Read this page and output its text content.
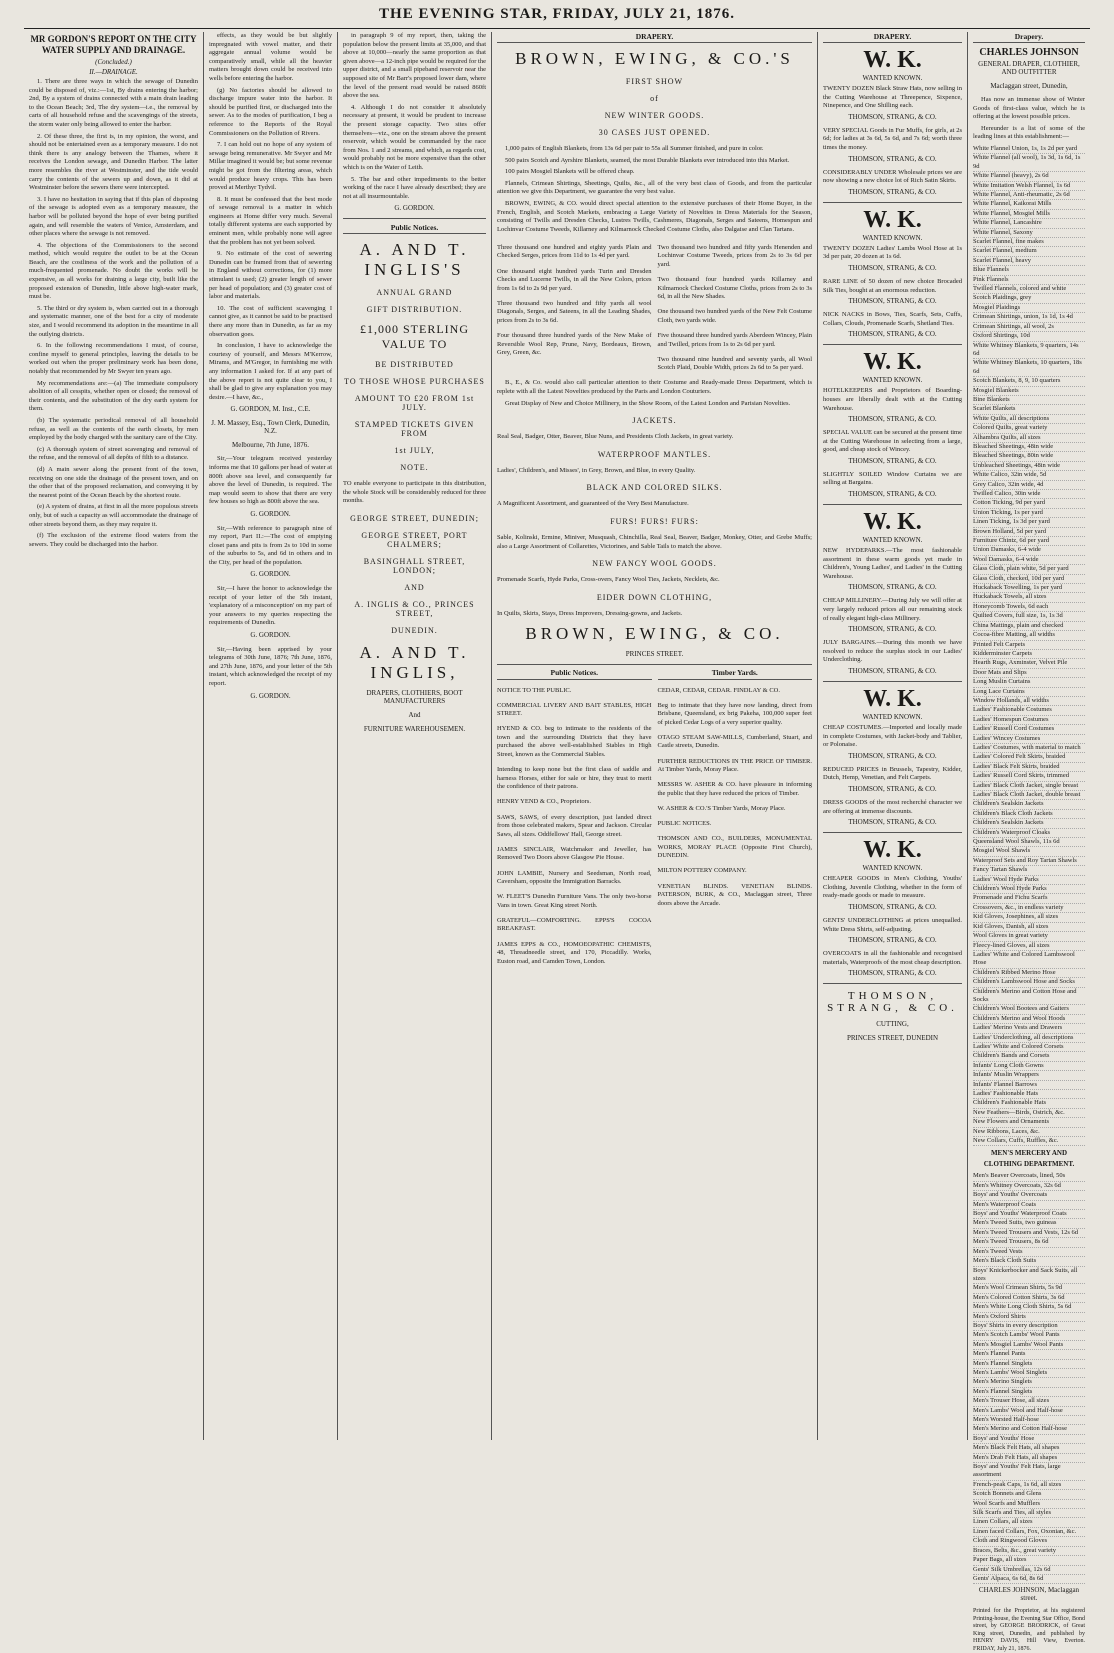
THE EVENING STAR, FRIDAY, JULY 21, 1876.
MR GORDON'S REPORT ON THE CITY WATER SUPPLY AND DRAINAGE.
(Concluded.)
II.—DRAINAGE.

1. There are three ways in which the sewage of Dunedin could be disposed of, viz.:—1st, By drains entering the harbor; 2nd, By a system of drains connected with a main drain leading to the Ocean Beach; 3rd, The dry system—i.e., the removal by carts of all household refuse and the scavengings of the streets, the storm water only being allowed to enter the harbor.

2. Of these three, the first is, in my opinion, the worst, and should not be entertained even as a temporary measure. I do not think there is any analogy between the Thames, where it receives the London sewage, and Dunedin Harbor. The latter more resembles the river at Westminster, and the tide would carry the contents of the sewers up and down, as it did at Westminster before the sewers there were intercepted.

3. I have no hesitation in saying that if this plan of disposing of the sewage is adopted even as a temporary measure, the harbor will be polluted beyond the hope of ever being purified again, and will resemble the waters of Venice, Amsterdam, and other places where the sewage is not removed.

4. The objections of the Commissioners to the second method, which would require the outlet to be at the Ocean Beach, are the costliness of the work and the pollution of a much-frequented promenade. No doubt the works will be expensive, as all works for draining a large city, built like the proposed extension of Dunedin, little above high-water mark, must be.

5. The third or dry system is, when carried out in a thorough and systematic manner, one of the best for a city of moderate size, and I would recommend its adoption in the meantime in all the outlying districts.

6. In the following recommendations I must, of course, confine myself to general principles, leaving the details to be worked out when the proper preliminary work has been done, notably that recommended by Mr Swyer ten years ago.

My recommendations are:—(a) The immediate compulsory abolition of all cesspits, whether open or closed; the removal of their contents, and the substitution of the dry earth system for them.

(b) The systematic periodical removal of all household refuse, as well as the contents of the earth closets, by men employed by the body charged with the sanitary care of the City.

(c) A thorough system of street scavenging and removal of the refuse, and the removal of all depôts of filth to a distance.

(d) A main sewer along the present front of the town, receiving on one side the drainage of the present town, and on the other that of the proposed reclamation, and conveying it by the nearest point of the Ocean Beach by the shortest route.

(e) A system of drains, at first in all the more populous streets only, but of such a capacity as will accommodate the drainage of other streets beyond them, as they may require it.

(f) The exclusion of the extreme flood waters from the sewers. They could be discharged into the harbor.

effects, as they would be but slightly impregnated with vowel matter, and their aggregate annual volume would be comparatively small, while all the heavier matters brought down could be received into wells before entering the harbor.

(g) No factories should be allowed to discharge impure water into the harbor. It should be purified first, or discharged into the sewer. As to the modes of purification, I beg a reference to the Reports of the Royal Commissioners on the Pollution of Rivers.

7. I can hold out no hope of any system of sewage being remunerative. Mr Swyer and Mr Millar imagined it would be; but some revenue might be got from the filtering areas, which would produce heavy crops. This has been proved at Merthyr Tydvil.

8. It must be confessed that the best mode of sewage removal is a matter in which engineers at Home differ very much. Several totally different systems are each supported by eminent men, while probably none will agree that the problem has not yet been solved.

9. No estimate of the cost of sewering Dunedin can be framed from that of sewering in England without corrections, for (1) more stimulant is used; (2) greater length of sewer per head of population; and (3) greater cost of labor and materials.

10. The cost of sufficient scavenging I cannot give, as it cannot be said to be practised there any more than in Dunedin, as far as my observation goes.

In conclusion, I have to acknowledge the courtesy of yourself, and Messrs M'Kerrow, Mirams, and M'Gregor, in furnishing me with any information I asked for. If at any part of the above report is not quite clear to you, I shall be glad to give any explanation you may desire.—I have, &c.,

G. GORDON, M. Inst., C.E.
J. M. Massey, Esq., Town Clerk, Dunedin, N.Z.
Melbourne, 7th June, 1876.

Sir,—Your telegram received yesterday informs me that 10 gallons per head of water at 800ft above sea level, and consequently far above the level of Dunedin, is required. The map would seem to show that there are very few houses so high as 800ft above the sea.

G. GORDON.

Sir,—With reference to paragraph nine of my report, Part II.:—The cost of emptying closet pans and pits is from 2s to 10d in some of the suburbs to 5s, and 6d in others and in the City, per head of the population.

G. GORDON.

Sir,—I have the honor to acknowledge the receipt of your letter of the 5th instant, 'explanatory of a misconception' on my part of your answers to my queries respecting the requirements of Dunedin.

G. GORDON.

Sir,—Having been apprised by your telegrams of 30th June, 1876; 7th June, 1876, and 27th June, 1876, and your letter of the 5th instant, which acknowledged the receipt of my report.

G. GORDON.

in paragraph 9 of my report, then, taking the population below the present limits at 35,000, and that above at 10,000—nearly the same proportion as that given above—a 12-inch pipe would be required for the upper district, and a small pipeband reservoir near the supposed site of Mr Barr's proposed lower dam, where the level of the present road would be raised 860ft above the sea.

4. Although I do not consider it absolutely necessary at present, it would be prudent to increase the present storage capacity. Two sites offer themselves—viz., one on the stream above the present reservoir, which would be commanded by the race from Nos. 1 and 2 streams, and which, as regards cost, would probably not be more expensive than the other which is on the Water of Leith.

5. The bar and other impediments to the better working of the race I have already described; they are not at all insurmountable.

G. GORDON.
Public Notices.
A. AND T. INGLIS'S
ANNUAL GRAND
GIFT DISTRIBUTION.
£1,000 STERLING VALUE TO
BE DISTRIBUTED
TO THOSE WHOSE PURCHASES
AMOUNT TO £20 FROM 1st JULY.
STAMPED TICKETS GIVEN FROM
1st JULY,
NOTE.
TO enable everyone to participate in this distribution, the whole Stock will be considerably reduced for three months.
GEORGE STREET, DUNEDIN;
GEORGE STREET, PORT CHALMERS;
BASINGHALL STREET, LONDON;
AND
A. INGLIS & CO., PRINCES STREET,
DUNEDIN.
A. AND T. INGLIS,
DRAPERS, CLOTHIERS, BOOT MANUFACTURERS
And
FURNITURE WAREHOUSEMEN.
DRAPERY.
BROWN, EWING, & CO.'S
FIRST SHOW
of
NEW WINTER GOODS.
30 CASES JUST OPENED.

1,000 pairs of English Blankets, from 13s 6d per pair to 55s all Summer finished, and pure in color.

500 pairs Scotch and Ayrshire Blankets, seamed, the most Durable Blankets ever introduced into this Market.

100 pairs Mosgiel Blankets will be offered cheap.

Flannels, Crimean Shirtings, Sheetings, Quilts, &c., all of the very best class of Goods, and from the particular attention we give this Department, we guarantee the very best value.

BROWN, EWING, & CO. would direct special attention to the extensive purchases of their Home Buyer, in the French, English, and Scotch Markets, embracing a Large Variety of Novelties in Dress Materials for the Season, consisting of Twills and Dresden Checks, Lustres Twills, Cashmeres, Diagonals, Serges and Sateens, Homespun and Lochinvar Costume Tweeds, Killarney and Kilmarnock Checked Costume Cloths, also Dalgaise and Clan Tartans.

Three thousand one hundred and eighty yards Plain and Checked Serges, prices from 11d to 1s 4d per yard.

One thousand eight hundred yards Turin and Dresden Checks and Lucerne Twills, in all the New Colors, prices from 1s 6d to 2s 9d per yard.

Three thousand two hundred and fifty yards all wool Diagonals, Serges, and Sateens, in all the Leading Shades, prices from 2s to 3s 6d.

Four thousand three hundred yards of the New Make of Reversible Wool Rep, Prune, Navy, Bordeaux, Brown, Grey, Green, &c.

Two thousand two hundred and fifty yards Henenden and Lochinvar Costume Tweeds, prices from 2s to 3s 6d per yard.

Two thousand four hundred yards Killarney and Kilmarnock Checked Costume Cloths, prices from 2s to 3s 6d, in all the New Shades.

One thousand two hundred yards of the New Felt Costume Cloth, two yards wide.

Five thousand three hundred yards Aberdeen Wincey, Plain and Twilled, prices from 1s to 2s 6d per yard.

Two thousand nine hundred and seventy yards, all Wool Scotch Plaid, Double Width, prices 2s 6d to 5s per yard.

B., E., & Co. would also call particular attention to their Costume and Ready-made Dress Department, which is replete with all the Latest Novelties produced by the Paris and London Couturiers.

Great Display of New and Choice Millinery, in the Show Room, of the Latest London and Parisian Novelties.

JACKETS.
Real Seal, Badger, Otter, Beaver, Blue Nuns, and Presidents Cloth Jackets, in great variety.
WATERPROOF MANTLES.
Ladies', Children's, and Misses', in Grey, Brown, and Blue, in every Quality.
BLACK AND COLORED SILKS.
A Magnificent Assortment, and guaranteed of the Very Best Manufacture.
FURS! FURS! FURS:
Sable, Kolinski, Ermine, Miniver, Musquash, Chinchilla, Real Seal, Beaver, Badger, Monkey, Otter, and Grebe Muffs; also a Large Assortment of Collarettes, Victorines, and Sable Tails to match the above.
NEW FANCY WOOL GOODS.
Promenade Scarfs, Hyde Parks, Cross-overs, Fancy Wool Ties, Jackets, Necklets, &c.
EIDER DOWN CLOTHING,
In Quilts, Skirts, Stays, Dress Improvers, Dressing-gowns, and Jackets.
BROWN, EWING, & CO.
PRINCES STREET.
Public Notices.

NOTICE TO THE PUBLIC.

COMMERCIAL LIVERY AND BAIT STABLES, HIGH STREET.

HYEND & CO. beg to intimate to the residents of the town and the surrounding Districts that they have purchased the above well-established Stables in High Street, known as the Commercial Stables.

Intending to keep none but the first class of saddle and harness Horses, either for sale or hire, they trust to merit the confidence of their patrons.

HENRY YEND & CO., Proprietors.

SAWS, SAWS, of every description, just landed direct from those celebrated makers, Spear and Jackson. Circular Saws, all sizes. Oddfellows' Hall, George street.

JAMES SINCLAIR, Watchmaker and Jeweller, has Removed Two Doors above Glasgow Pie House.

JOHN LAMBIE, Nursery and Seedsman, North road, Caversham, opposite the Immigration Barracks.

W. FLEET'S Dunedin Furniture Vans. The only two-horse Vans in town. Great King street North.

GRATEFUL—COMFORTING. EPPS'S COCOA BREAKFAST.

JAMES EPPS & CO., HOMOEOPATHIC CHEMISTS, 48, Threadneedle street, and 170, Piccadilly. Works, Euston road, and Camden Town, London.

Timber Yards.

CEDAR, CEDAR, CEDAR. FINDLAY & CO.

Beg to intimate that they have now landing, direct from Brisbane, Queensland, ex brig Pakeha, 100,000 super feet of picked Cedar Logs of a very superior quality.

OTAGO STEAM SAW-MILLS, Cumberland, Stuart, and Castle streets, Dunedin.

FURTHER REDUCTIONS IN THE PRICE OF TIMBER. At Timber Yards, Moray Place.

MESSRS W. ASHER & CO. have pleasure in informing the public that they have reduced the prices of Timber.

W. ASHER & CO.'S Timber Yards, Moray Place.

PUBLIC NOTICES.

THOMSON AND CO., BUILDERS, MONUMENTAL WORKS, MORAY PLACE (Opposite First Church), DUNEDIN.

MILTON POTTERY COMPANY.

VENETIAN BLINDS. VENETIAN BLINDS. PATERSON, BURK, & CO., Maclaggan street, Three doors above the Arcade.

DRAPERY.
W. K.
WANTED KNOWN.
TWENTY DOZEN Black Straw Hats, now selling in the Cutting Warehouse at Threepence, Sixpence, Ninepence, and One Shilling each.
THOMSON, STRANG, & CO.
VERY SPECIAL Goods in Fur Muffs, for girls, at 2s 6d; for ladies at 3s 6d, 5s 6d, and 7s 6d; worth three times the money.
THOMSON, STRANG, & CO.
CONSIDERABLY UNDER Wholesale prices we are now showing a new choice lot of Rich Satin Skirts.
THOMSON, STRANG, & CO.
W. K.
WANTED KNOWN.
TWENTY DOZEN Ladies' Lambs Wool Hose at 1s 3d per pair, 20 dozen at 1s 6d.
THOMSON, STRANG, & CO.
RARE LINE of 50 dozen of new choice Brocaded Silk Ties, bought at an enormous reduction.
THOMSON, STRANG, & CO.
NICK NACKS in Bows, Ties, Scarfs, Sets, Cuffs, Collars, Clouds, Promenade Scarfs, Shetland Ties.
THOMSON, STRANG, & CO.
W. K.
WANTED KNOWN.
HOTELKEEPERS and Proprietors of Boarding-houses are liberally dealt with at the Cutting Warehouse.
THOMSON, STRANG, & CO.
SPECIAL VALUE can be secured at the present time at the Cutting Warehouse in selecting from a large, good, and cheap stock of Wincey.
THOMSON, STRANG, & CO.
SLIGHTLY SOILED Window Curtains we are selling at Bargains.
THOMSON, STRANG, & CO.
W. K.
WANTED KNOWN.
NEW HYDEPARKS.—The most fashionable assortment in these warm goods yet made in Children's, Young Ladies', and Ladies' in the Cutting Warehouse.
THOMSON, STRANG, & CO.
CHEAP MILLINERY.—During July we will offer at very largely reduced prices all our remaining stock of really elegant high-class Millinery.
THOMSON, STRANG, & CO.
JULY BARGAINS.—During this month we have resolved to reduce the surplus stock in our Ladies' Underclothing.
THOMSON, STRANG, & CO.
W. K.
WANTED KNOWN.
CHEAP COSTUMES.—Imported and locally made in complete Costumes, with Jacket-body and Tablier, or Polonaise.
THOMSON, STRANG, & CO.
REDUCED PRICES in Brussels, Tapestry, Kidder, Dutch, Hemp, Venetian, and Felt Carpets.
THOMSON, STRANG, & CO.
DRESS GOODS of the most recherché character we are offering at immense discounts.
THOMSON, STRANG, & CO.
W. K.
WANTED KNOWN.
CHEAPER GOODS in Men's Clothing, Youths' Clothing, Juvenile Clothing, whether in the form of ready-made goods or made to measure.
THOMSON, STRANG, & CO.
GENTS' UNDERCLOTHING at prices unequalled. White Dress Shirts, self-adjusting.
THOMSON, STRANG, & CO.
OVERCOATS in all the fashionable and recognised materials, Waterproofs of the most cheap description.
THOMSON, STRANG, & CO.
THOMSON, STRANG, & CO.
CUTTING,
PRINCES STREET, DUNEDIN
Drapery.
CHARLES JOHNSON
GENERAL DRAPER, CLOTHIER, AND OUTFITTER
Maclaggan street, Dunedin,

Has now an immense show of Winter Goods of first-class value, which he is offering at the lowest possible prices.

Hereunder is a list of some of the leading lines at this establishment:—

White Flannel Union, 1s, 1s 2d per yard
White Flannel (all wool), 1s 3d, 1s 6d, 1s 9d
White Flannel (heavy), 2s 6d
White Imitation Welsh Flannel, 1s 6d
White Flannel, Anti-rheumatic, 2s 6d
White Flannel, Kaikorai Mills
White Flannel, Mosgiel Mills
White Flannel, Lancashire
White Flannel, Saxony
Scarlet Flannel, fine makes
Scarlet Flannel, medium
Scarlet Flannel, heavy
Blue Flannels
Pink Flannels
Twilled Flannels, colored and white
Scotch Plaidings, grey
Mosgiel Plaidings
Crimean Shirtings, union, 1s 1d, 1s 4d
Crimean Shirtings, all wool, 2s
Oxford Shirtings, 10d
White Whitney Blankets, 9 quarters, 14s 6d
White Whitney Blankets, 10 quarters, 18s 6d
Scotch Blankets, 8, 9, 10 quarters
Mosgiel Blankets
Bine Blankets
Scarlet Blankets
White Quilts, all descriptions
Colored Quilts, great variety
Alhambra Quilts, all sizes
Bleached Sheetings, 48in wide
Bleached Sheetings, 80in wide
Unbleached Sheetings, 48in wide
White Calico, 32in wide, 5d
Grey Calico, 32in wide, 4d
Twilled Calico, 30in wide
Cotton Ticking, 9d per yard
Union Ticking, 1s per yard
Linen Ticking, 1s 3d per yard
Brown Holland, 5d per yard
Furniture Chintz, 6d per yard
Union Damasks, 6-4 wide
Wool Damasks, 6-4 wide
Glass Cloth, plain white, 5d per yard
Glass Cloth, checked, 10d per yard
Huckaback Towelling, 1s per yard
Huckaback Towels, all sizes
Honeycomb Towels, 6d each
Quilted Covers, full size, 1s, 1s 3d
China Mattings, plain and checked
Cocoa-fibre Matting, all widths
Printed Felt Carpets
Kidderminster Carpets
Hearth Rugs, Axminster, Velvet Pile
Door Mats and Slips
Long Muslin Curtains
Long Lace Curtains
Window Hollands, all widths
Ladies' Fashionable Costumes
Ladies' Homespun Costumes
Ladies' Russell Cord Costumes
Ladies' Wincey Costumes
Ladies' Costumes, with material to match
Ladies' Colored Felt Skirts, braided
Ladies' Black Felt Skirts, braided
Ladies' Russell Cord Skirts, trimmed
Ladies' Black Cloth Jacket, single breast
Ladies' Black Cloth Jacket, double breast
Children's Sealskin Jackets
Children's Black Cloth Jackets
Children's Sealskin Jackets
Children's Waterproof Cloaks
Queensland Wool Shawls, 11s 6d
Mosgiel Wool Shawls
Waterproof Sets and Roy Tartan Shawls
Fancy Tartan Shawls
Ladies' Wool Hyde Parks
Children's Wool Hyde Parks
Promenade and Fichu Scarfs
Crossovers, &c., in endless variety
Kid Gloves, Josephines, all sizes
Kid Gloves, Danish, all sizes
Wool Gloves in great variety
Fleecy-lined Gloves, all sizes
Ladies' White and Colored Lambswool Hose
Children's Ribbed Merino Hose
Children's Lambswool Hose and Socks
Children's Merino and Cotton Hose and Socks
Children's Wool Bootees and Gaiters
Children's Merino and Wool Hoods
Ladies' Merino Vests and Drawers
Ladies' Underclothing, all descriptions
Ladies' White and Colored Corsets
Children's Bands and Corsets
Infants' Long Cloth Gowns
Infants' Muslin Wrappers
Infants' Flannel Barrows
Ladies' Fashionable Hats
Children's Fashionable Hats
New Feathers—Birds, Ostrich, &c.
New Flowers and Ornaments
New Ribbons, Laces, &c.
New Collars, Cuffs, Ruffles, &c.
MEN'S MERCERY AND CLOTHING DEPARTMENT.
Men's Beaver Overcoats, lined, 50s
Men's Whitney Overcoats, 32s 6d
Boys' and Youths' Overcoats
Men's Waterproof Coats
Boys' and Youths' Waterproof Coats
Men's Tweed Suits, two guineas
Men's Tweed Trousers and Vests, 12s 6d
Men's Tweed Trousers, 8s 6d
Men's Tweed Vests
Men's Black Cloth Suits
Boys' Knickerbocker and Sack Suits, all sizes
Men's Wool Crimean Shirts, 5s 9d
Men's Colored Cotton Shirts, 3s 6d
Men's White Long Cloth Shirts, 5s 6d
Men's Oxford Shirts
Boys' Shirts in every description
Men's Scotch Lambs' Wool Pants
Men's Mosgiel Lambs' Wool Pants
Men's Flannel Pants
Men's Flannel Singlets
Men's Lambs' Wool Singlets
Men's Merino Singlets
Men's Flannel Singlets
Men's Trouser Hose, all sizes
Men's Lambs' Wool and Half-hose
Men's Worsted Half-hose
Men's Merino and Cotton Half-hose
Boys' and Youths' Hose
Men's Black Felt Hats, all shapes
Men's Drab Felt Hats, all shapes
Boys' and Youths' Felt Hats, large assortment
French-peak Caps, 1s 6d, all sizes
Scotch Bonnets and Glens
Wool Scarfs and Mufflers
Silk Scarfs and Ties, all styles
Linen Collars, all sizes
Linen faced Collars, Fox, Oxonian, &c.
Cloth and Ringwood Gloves
Braces, Belts, &c., great variety
Paper Bags, all sizes
Gents' Silk Umbrellas, 12s 6d
Gents' Alpaca, 6s 6d, 8s 6d
CHARLES JOHNSON, Maclaggan street.
Printed for the Proprietor, at his registered Printing-house, the Evening Star Office, Bond street, by GEORGE BRODRICK, of Great King street, Dunedin, and published by HENRY DAVIS, Hill View, Everton. FRIDAY, July 21, 1876.
